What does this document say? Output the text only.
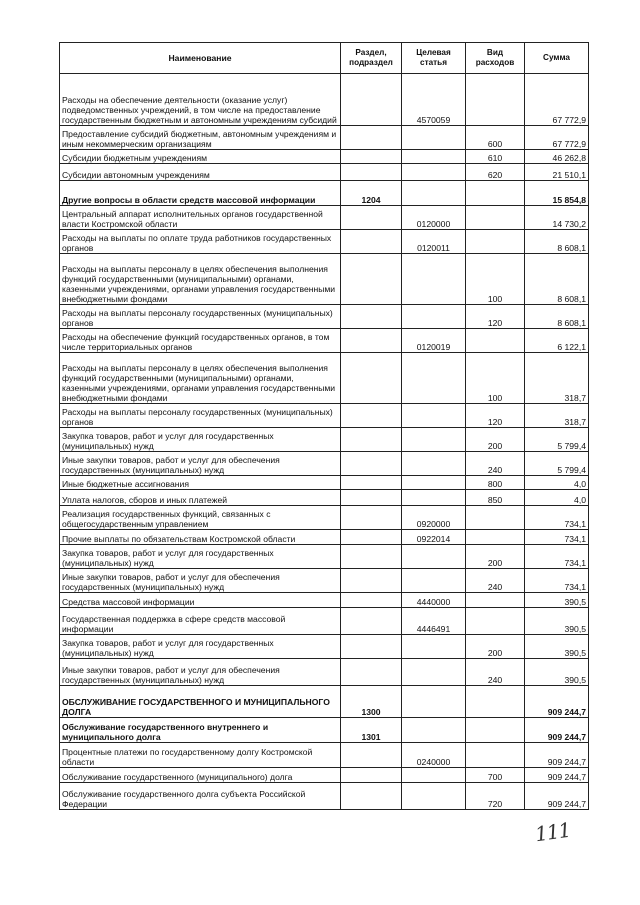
Наименование	Раздел, подраздел	Целевая статья	Вид расходов	Сумма
Расходы на обеспечение деятельности (оказание услуг) подведомственных учреждений, в том числе на предоставление государственным бюджетным и автономным учреждениям субсидий		4570059		67 772,9
Предоставление субсидий бюджетным, автономным учреждениям и иным некоммерческим организациям			600	67 772,9
Субсидии бюджетным учреждениям			610	46 262,8
Субсидии автономным учреждениям			620	21 510,1
Другие вопросы в области средств массовой информации	1204			15 854,8
Центральный аппарат исполнительных органов государственной власти Костромской области		0120000		14 730,2
Расходы на выплаты по оплате труда работников государственных органов		0120011		8 608,1
Расходы на выплаты персоналу в целях обеспечения выполнения функций государственными (муниципальными) органами, казенными учреждениями, органами управления государственными внебюджетными фондами			100	8 608,1
Расходы на выплаты персоналу государственных (муниципальных) органов			120	8 608,1
Расходы на обеспечение функций государственных органов, в том числе территориальных органов		0120019		6 122,1
Расходы на выплаты персоналу в целях обеспечения выполнения функций государственными (муниципальными) органами, казенными учреждениями, органами управления государственными внебюджетными фондами			100	318,7
Расходы на выплаты персоналу государственных (муниципальных) органов			120	318,7
Закупка товаров, работ и услуг для государственных (муниципальных) нужд			200	5 799,4
Иные закупки товаров, работ и услуг для обеспечения государственных (муниципальных) нужд			240	5 799,4
Иные бюджетные ассигнования			800	4,0
Уплата налогов, сборов и иных платежей			850	4,0
Реализация государственных функций, связанных с общегосударственным управлением		0920000		734,1
Прочие выплаты по обязательствам Костромской области		0922014		734,1
Закупка товаров, работ и услуг для государственных (муниципальных) нужд			200	734,1
Иные закупки товаров, работ и услуг для обеспечения государственных (муниципальных) нужд			240	734,1
Средства массовой информации		4440000		390,5
Государственная поддержка в сфере средств массовой информации		4446491		390,5
Закупка товаров, работ и услуг для государственных (муниципальных) нужд			200	390,5
Иные закупки товаров, работ и услуг для обеспечения государственных (муниципальных) нужд			240	390,5
ОБСЛУЖИВАНИЕ ГОСУДАРСТВЕННОГО И МУНИЦИПАЛЬНОГО ДОЛГА	1300			909 244,7
Обслуживание государственного внутреннего и муниципального долга	1301			909 244,7
Процентные платежи по государственному долгу Костромской области		0240000		909 244,7
Обслуживание государственного (муниципального) долга			700	909 244,7
Обслуживание государственного долга субъекта Российской Федерации			720	909 244,7
111
